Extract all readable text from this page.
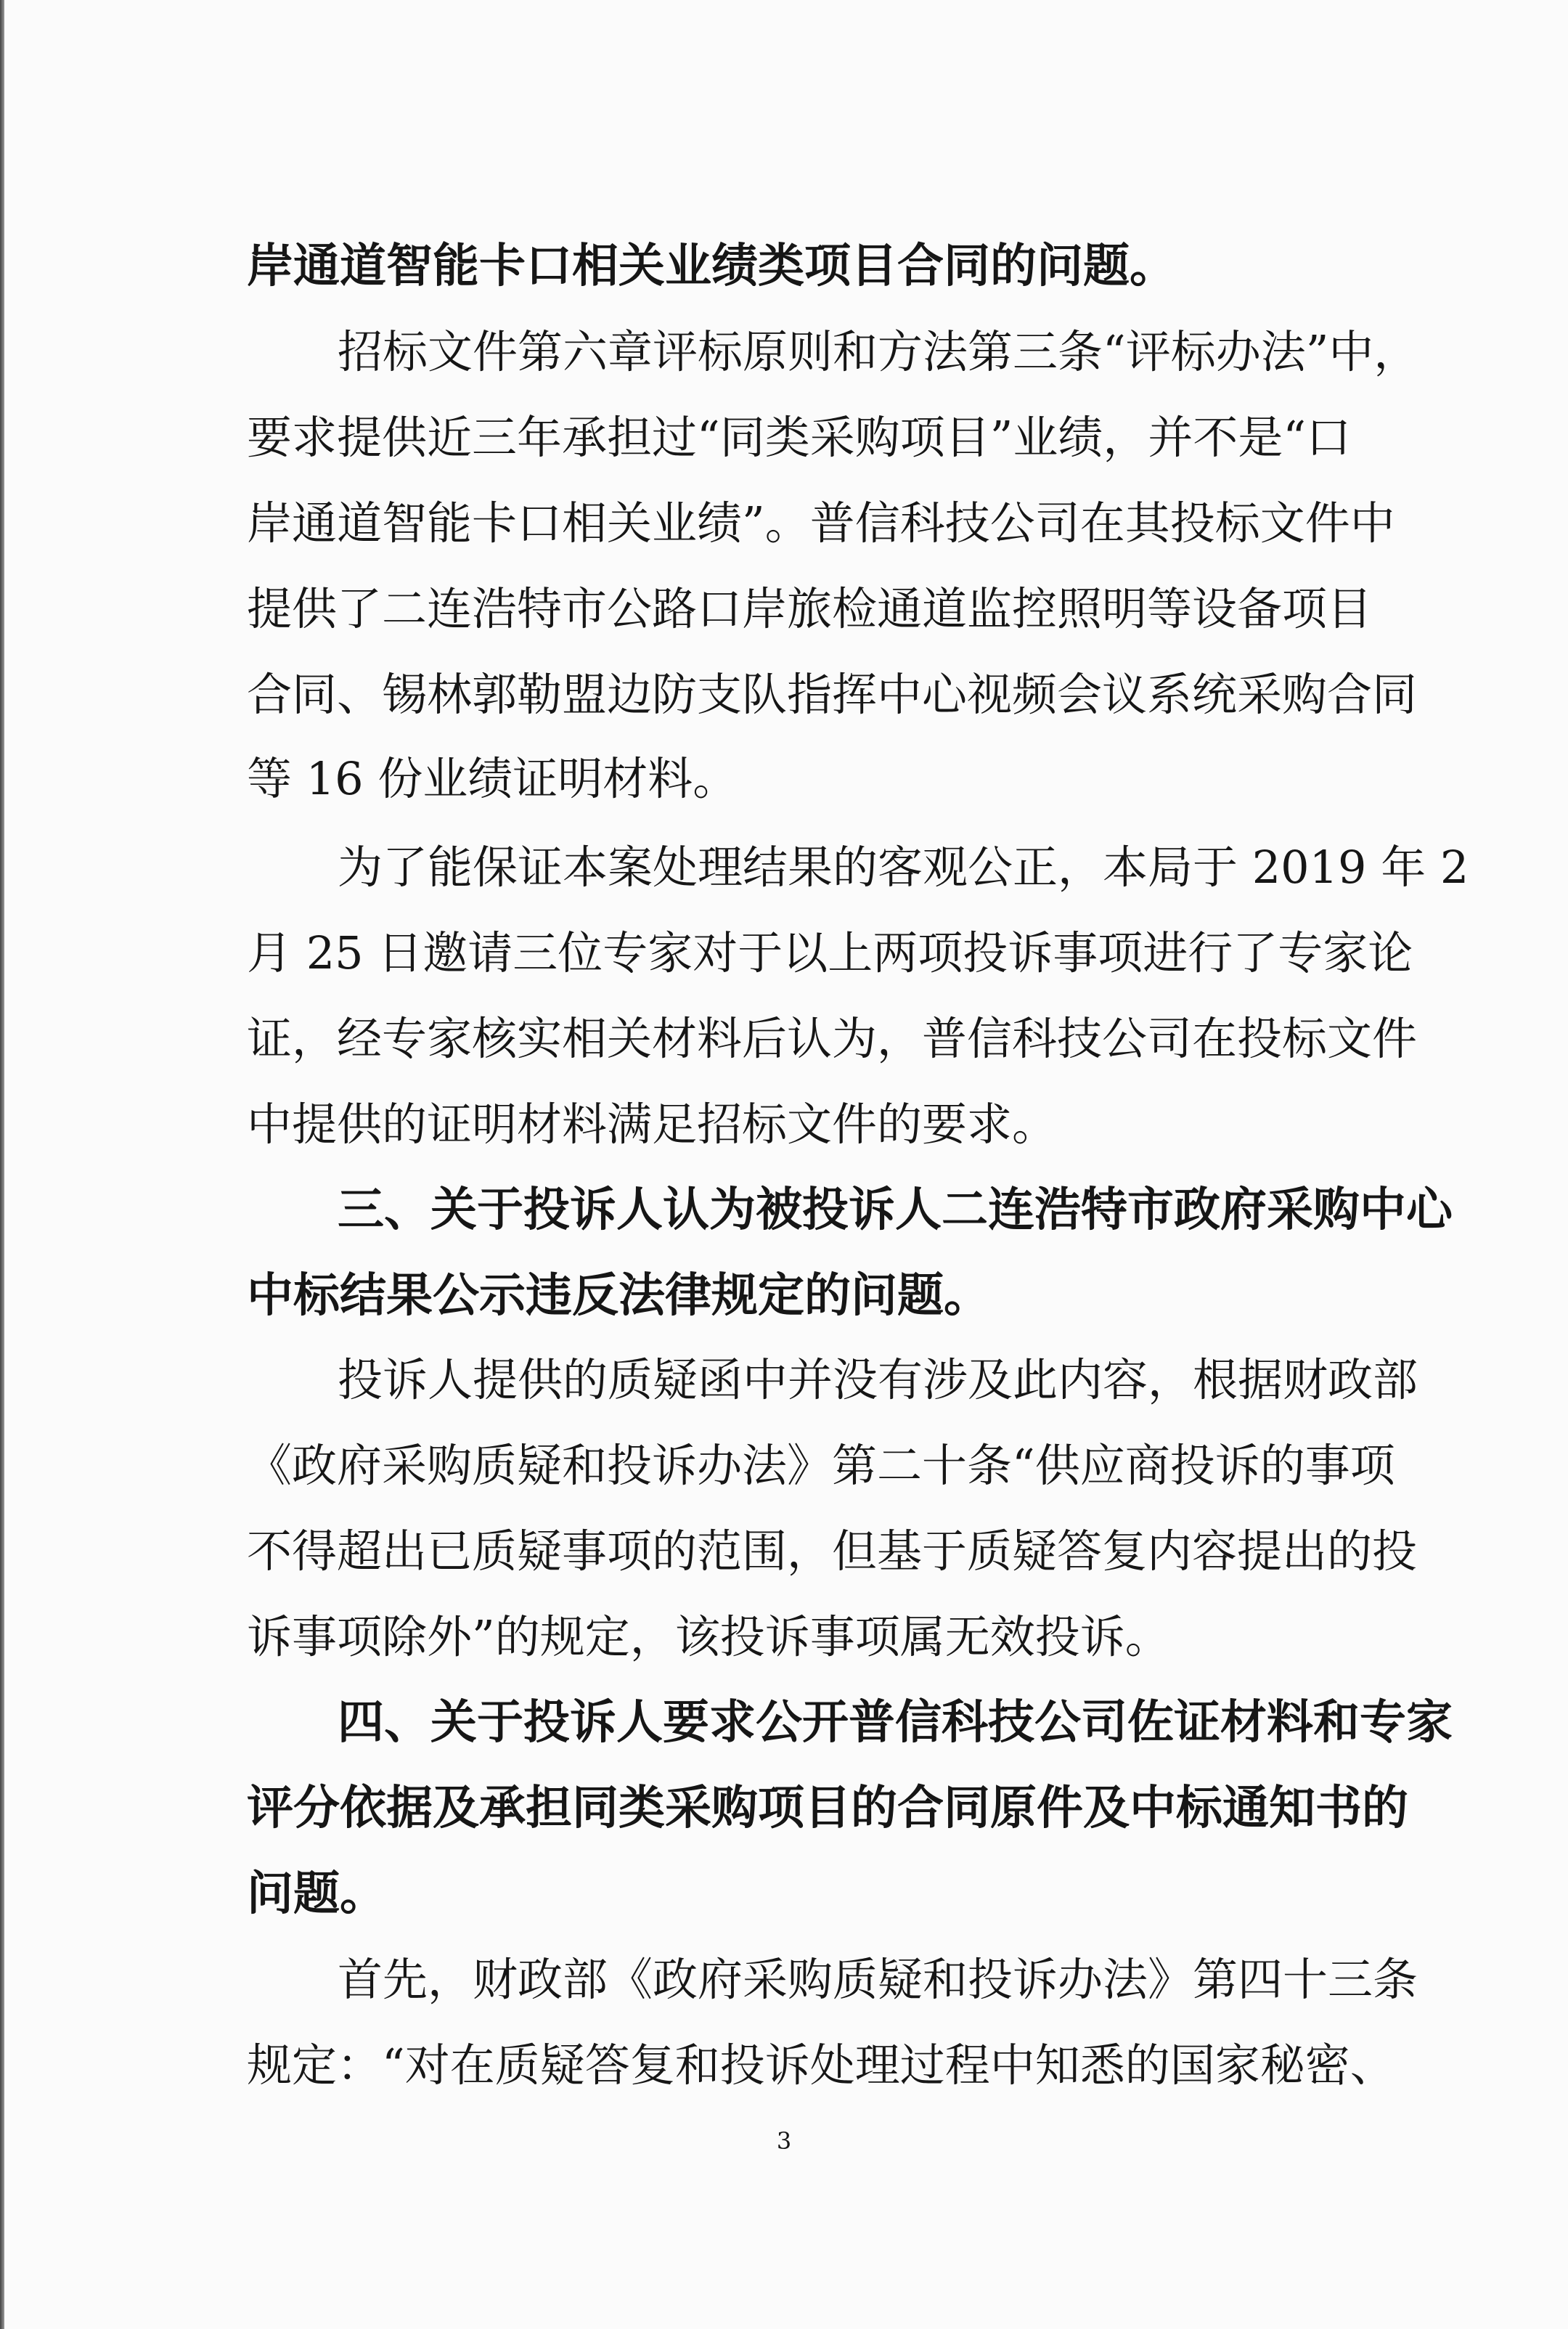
岸通道智能卡口相关业绩类项目合同的问题。
招标文件第六章评标原则和方法第三条“评标办法”中，
要求提供近三年承担过“同类采购项目”业绩，并不是“口
岸通道智能卡口相关业绩”。普信科技公司在其投标文件中
提供了二连浩特市公路口岸旅检通道监控照明等设备项目
合同、锡林郭勒盟边防支队指挥中心视频会议系统采购合同
等 16 份业绩证明材料。
为了能保证本案处理结果的客观公正，本局于 2019 年 2
月 25 日邀请三位专家对于以上两项投诉事项进行了专家论
证，经专家核实相关材料后认为，普信科技公司在投标文件
中提供的证明材料满足招标文件的要求。
三、关于投诉人认为被投诉人二连浩特市政府采购中心
中标结果公示违反法律规定的问题。
投诉人提供的质疑函中并没有涉及此内容，根据财政部
《政府采购质疑和投诉办法》第二十条“供应商投诉的事项
不得超出已质疑事项的范围，但基于质疑答复内容提出的投
诉事项除外”的规定，该投诉事项属无效投诉。
四、关于投诉人要求公开普信科技公司佐证材料和专家
评分依据及承担同类采购项目的合同原件及中标通知书的
问题。
首先，财政部《政府采购质疑和投诉办法》第四十三条
规定：“对在质疑答复和投诉处理过程中知悉的国家秘密、
3
